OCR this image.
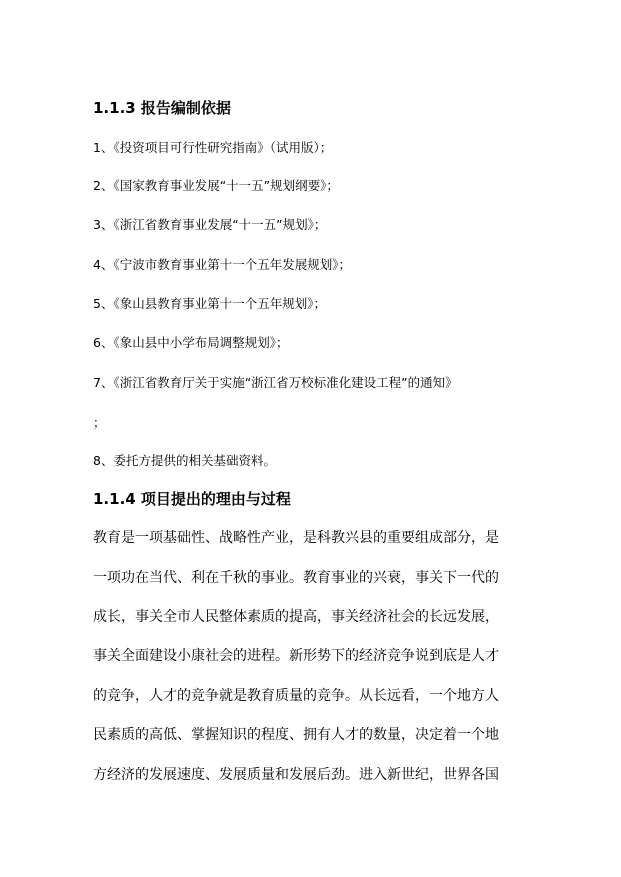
1.1.3 报告编制依据
1、《投资项目可行性研究指南》（试用版）；
2、《国家教育事业发展“十一五”规划纲要》；
3、《浙江省教育事业发展“十一五”规划》；
4、《宁波市教育事业第十一个五年发展规划》；
5、《象山县教育事业第十一个五年规划》；
6、《象山县中小学布局调整规划》；
7、《浙江省教育厅关于实施“浙江省万校标准化建设工程”的通知》
；
8、委托方提供的相关基础资料。
1.1.4 项目提出的理由与过程
教育是一项基础性、战略性产业，是科教兴县的重要组成部分，是
一项功在当代、利在千秋的事业。教育事业的兴衰，事关下一代的
成长，事关全市人民整体素质的提高，事关经济社会的长远发展，
事关全面建设小康社会的进程。新形势下的经济竞争说到底是人才
的竞争，人才的竞争就是教育质量的竞争。从长远看，一个地方人
民素质的高低、掌握知识的程度、拥有人才的数量，决定着一个地
方经济的发展速度、发展质量和发展后劲。进入新世纪，世界各国
